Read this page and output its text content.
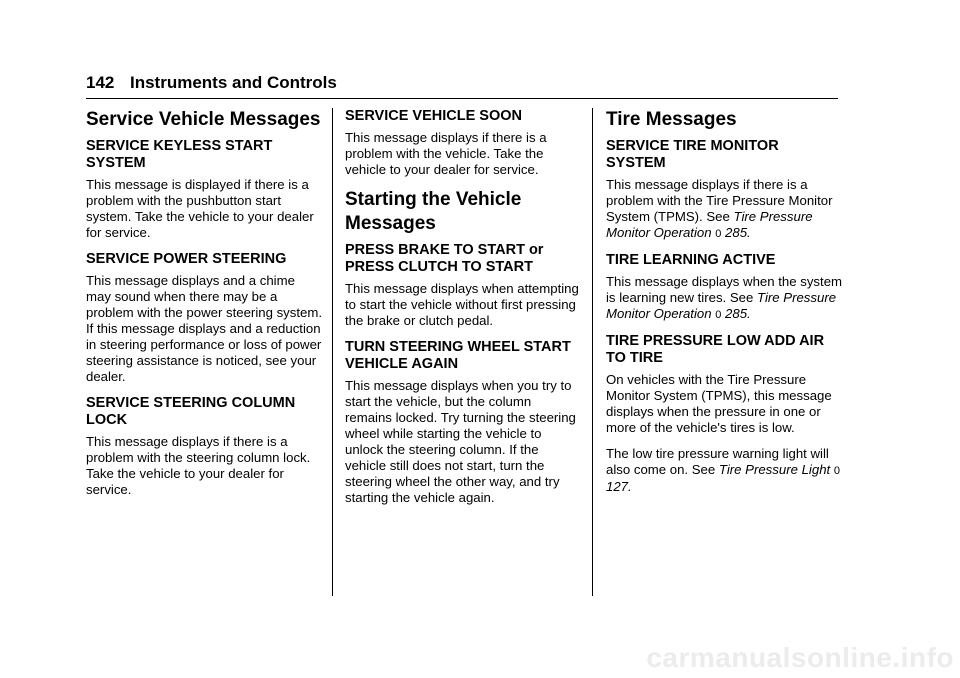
142 Instruments and Controls
Service Vehicle Messages
SERVICE KEYLESS START SYSTEM

This message is displayed if there is a problem with the pushbutton start system. Take the vehicle to your dealer for service.

SERVICE POWER STEERING

This message displays and a chime may sound when there may be a problem with the power steering system. If this message displays and a reduction in steering performance or loss of power steering assistance is noticed, see your dealer.

SERVICE STEERING COLUMN LOCK

This message displays if there is a problem with the steering column lock. Take the vehicle to your dealer for service.

SERVICE VEHICLE SOON

This message displays if there is a problem with the vehicle. Take the vehicle to your dealer for service.

Starting the Vehicle Messages
PRESS BRAKE TO START or PRESS CLUTCH TO START

This message displays when attempting to start the vehicle without first pressing the brake or clutch pedal.

TURN STEERING WHEEL START VEHICLE AGAIN

This message displays when you try to start the vehicle, but the column remains locked. Try turning the steering wheel while starting the vehicle to unlock the steering column. If the vehicle still does not start, turn the steering wheel the other way, and try starting the vehicle again.

Tire Messages
SERVICE TIRE MONITOR SYSTEM

This message displays if there is a problem with the Tire Pressure Monitor System (TPMS). See Tire Pressure Monitor Operation 0 285.

TIRE LEARNING ACTIVE

This message displays when the system is learning new tires. See Tire Pressure Monitor Operation 0 285.

TIRE PRESSURE LOW ADD AIR TO TIRE

On vehicles with the Tire Pressure Monitor System (TPMS), this message displays when the pressure in one or more of the vehicle's tires is low.

The low tire pressure warning light will also come on. See Tire Pressure Light 0 127.

carmanualsonline.info
